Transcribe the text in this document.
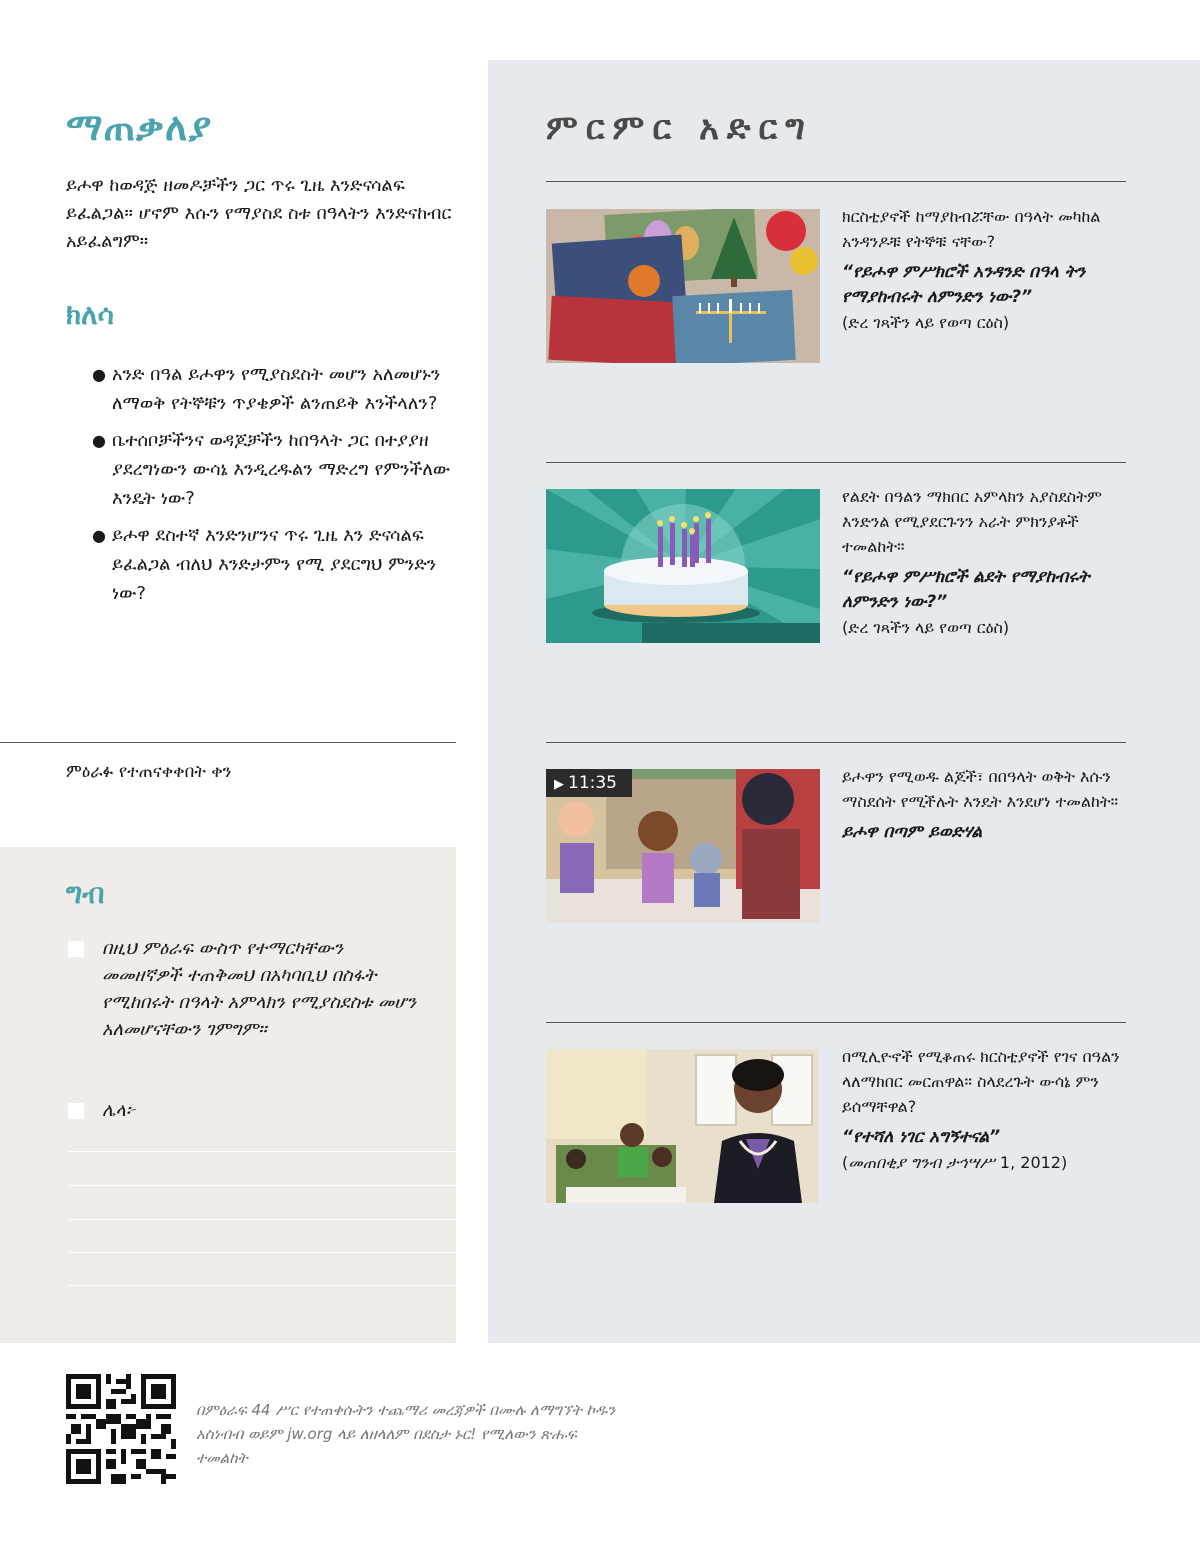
ማጠቃለያ

ይሖዋ ከወዳጅ ዘመዶቻችን ጋር ጥሩ ጊዜ እንድናሳልፍ ይፈልጋል። ሆኖም እሱን የማያስደ ስቱ በዓላትን እንድናከብር አይፈልግም።

ክለሳ
● አንድ በዓል ይሖዋን የሚያስደስት መሆን አለመሆኑን ለማወቅ የትኞቹን ጥያቄዎች ልንጠይቅ እንችላለን?
● ቤተሰቦቻችንና ወዳጆቻችን ከበዓላት ጋር በተያያዘ ያደረግነውን ውሳኔ እንዲረዱልን ማድረግ የምንችለው እንዴት ነው?
● ይሖዋ ደስተኛ እንድንሆንና ጥሩ ጊዜ እን ድናሳልፍ ይፈልጋል ብለህ እንድታምን የሚ ያደርግህ ምንድን ነው?
ምዕራፉ የተጠናቀቀበት ቀን
ግብ
በዚህ ምዕራፍ ውስጥ የተማርካቸውን መመዘኛዎች ተጠቅመህ በአካባቢህ በስፋት የሚከበሩት በዓላት አምላክን የሚያስደስቱ መሆን አለመሆናቸውን ገምግም።
ሌላ፦
ምርምር አድርግ

ክርስቲያኖች ከማያከብሯቸው በዓላት መካከል አንዳንዶቹ የትኞቹ ናቸው?

“የይሖዋ ምሥክሮች አንዳንድ በዓላ ትን የማያከብሩት ለምንድን ነው?”

(ድረ ገጻችን ላይ የወጣ ርዕስ)

የልደት በዓልን ማክበር አምላክን አያስደስትም እንድንል የሚያደርጉንን አራት ምክንያቶች ተመልከት።

“የይሖዋ ምሥክሮች ልደት የማያከብሩት ለምንድን ነው?”

(ድረ ገጻችን ላይ የወጣ ርዕስ)

▶ 11:35	ይሖዋን የሚወዱ ልጆች፣ በበዓላት ወቅት እሱን ማስደሰት የሚችሉት እንዴት እንደሆነ ተመልከት።

ይሖዋ በጣም ይወድሃል

በሚሊዮኖች የሚቆጠሩ ክርስቲያኖች የገና በዓልን ላለማክበር መርጠዋል። ስላደረጉት ውሳኔ ምን ይሰማቸዋል?

“የተሻለ ነገር አግኝተናል”

(መጠበቂያ ግንብ ታኅሣሥ 1, 2012)

በምዕራፍ 44 ሥር የተጠቀሱትን ተጨማሪ መረጃዎች በሙሉ ለማግኘት ኮዱን አስነብብ ወይም jw.org ላይ ለዘላለም በደስታ ኑር! የሚለውን ጽሑፍ ተመልከት
